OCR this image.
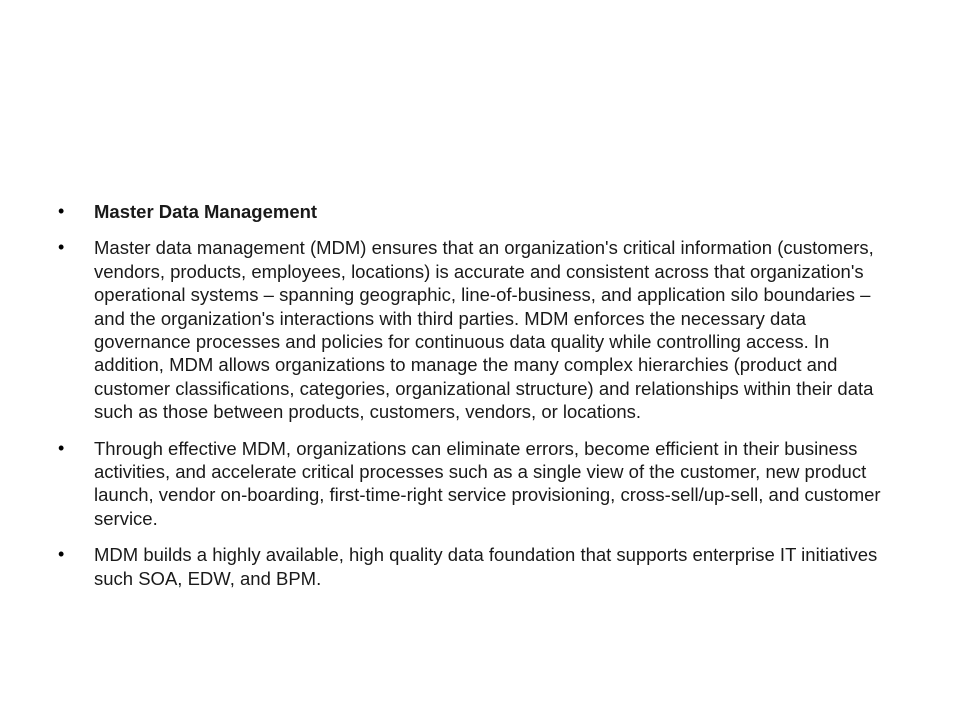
•	Master Data Management
•	Master data management (MDM) ensures that an organization's critical information (customers, vendors, products, employees, locations) is accurate and consistent across that organization's operational systems – spanning geographic, line-of-business, and application silo boundaries – and the organization's interactions with third parties. MDM enforces the necessary data governance processes and policies for continuous data quality while controlling access. In addition, MDM allows organizations to manage the many complex hierarchies (product and customer classifications, categories, organizational structure) and relationships within their data such as those between products, customers, vendors, or locations.
•	Through effective MDM, organizations can eliminate errors, become efficient in their business activities, and accelerate critical processes such as a single view of the customer, new product launch, vendor on-boarding, first-time-right service provisioning, cross-sell/up-sell, and customer service.
•	MDM builds a highly available, high quality data foundation that supports enterprise IT initiatives such SOA, EDW, and BPM.
